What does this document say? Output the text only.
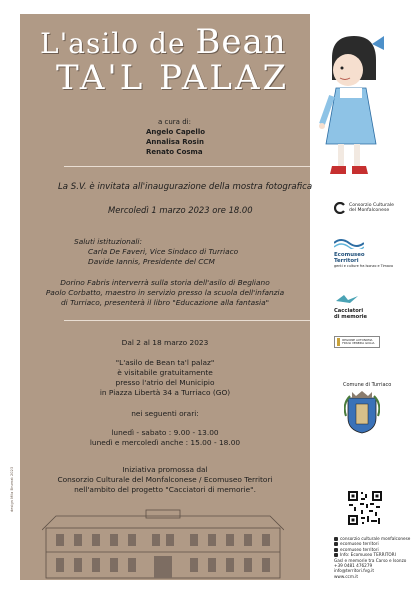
L'asilo de Bean
TA'L PALAZ
a cura di:
Angelo Capello
Annalisa Rosin
Renato Cosma
La S.V. è invitata all'inaugurazione della mostra fotografica
Mercoledì 1 marzo 2023 ore 18.00
Saluti istituzionali:
Carla De Faveri, Vice Sindaco di Turriaco
Davide Iannis, Presidente del CCM
Dorino Fabris interverrà sulla storia dell'asilo di Begliano
Paolo Corbatto, maestro in servizio presso la scuola dell'infanzia
di Turriaco, presenterà il libro "Educazione alla fantasia"
Dal 2 al 18 marzo 2023
"L'asilo de Bean ta'l palaz"
è visitabile gratuitamente
presso l'atrio del Municipio
in Piazza Libertà 34 a Turriaco (GO)
nei seguenti orari:
lunedì - sabato : 9.00 - 13.00
lunedì e mercoledì anche : 15.00 - 18.00
Iniziativa promossa dal
Consorzio Culturale del Monfalconese / Ecomuseo Territori
nell'ambito del progetto "Cacciatori di memorie".
design Mila Brumat 2023
Consorzio Culturale
del Monfalconese
Ecomuseo
Territori
genti e culture fra Isonzo e Timavo
Cacciatori
di memorie
REGIONE AUTONOMA FRIULI VENEZIA GIULIA
Comune di Turriaco
consorzio culturale monfalconese
ecomuseo territori
ecomuseo territori
Info: Ecomuseo TERRITORI
Gasl e memorie tra Carso e Isonzo
+39 0481 476279
info@territori.fvg.it
www.ccm.it
